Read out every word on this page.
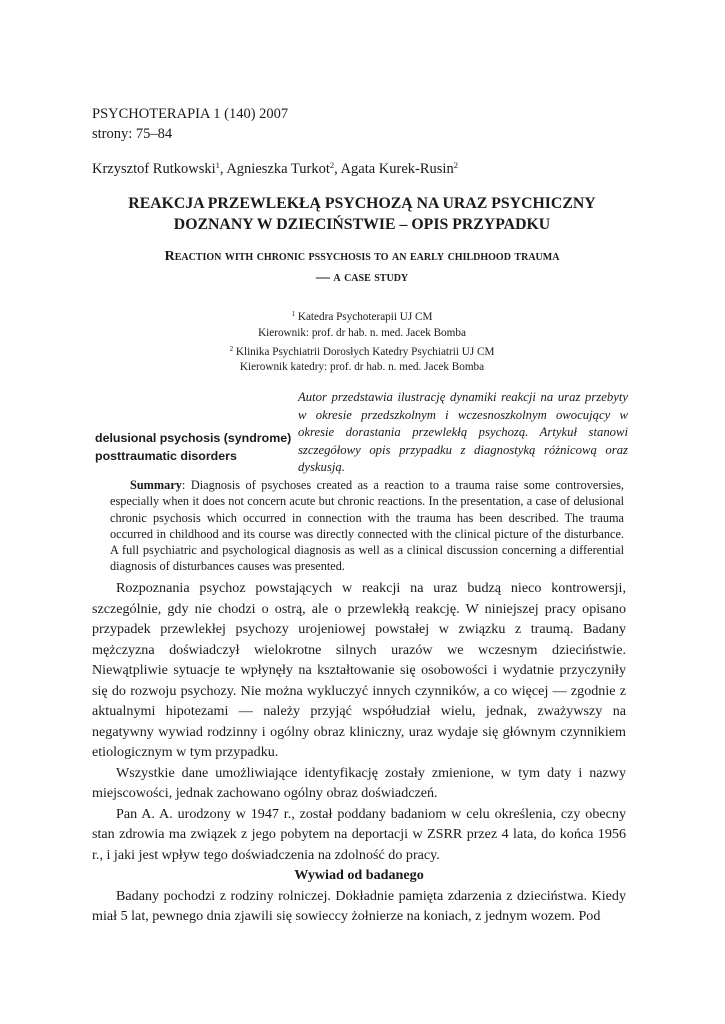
PSYCHOTERAPIA 1 (140) 2007
strony: 75–84
Krzysztof Rutkowski$^1$, Agnieszka Turkot$^2$, Agata Kurek-Rusin$^2$
REAKCJA PRZEWLEKŁĄ PSYCHOZĄ NA URAZ PSYCHICZNY
DOZNANY W DZIECIŃSTWIE – OPIS PRZYPADKU
Reaction with chronic pssychosis to an early childhood trauma
— a case study
$^1$ Katedra Psychoterapii UJ CM
Kierownik: prof. dr hab. n. med. Jacek Bomba
$^2$ Klinika Psychiatrii Dorosłych Katedry Psychiatrii UJ CM
Kierownik katedry: prof. dr hab. n. med. Jacek Bomba
Autor przedstawia ilustrację dynamiki reakcji na uraz przebyty w okresie przedszkolnym i wczesnoszkolnym owocujący w okresie dorastania przewlekłą psychozą. Artykuł stanowi szczegółowy opis przypadku z diagnostyką różnicową oraz dyskusją.
delusional psychosis (syndrome)
posttraumatic disorders
Summary: Diagnosis of psychoses created as a reaction to a trauma raise some controversies, especially when it does not concern acute but chronic reactions. In the presentation, a case of delusional chronic psychosis which occurred in connection with the trauma has been described. The trauma occurred in childhood and its course was directly connected with the clinical picture of the disturbance. A full psychiatric and psychological diagnosis as well as a clinical discussion concerning a differential diagnosis of disturbances causes was presented.

Rozpoznania psychoz powstających w reakcji na uraz budzą nieco kontrowersji, szczególnie, gdy nie chodzi o ostrą, ale o przewlekłą reakcję. W niniejszej pracy opisano przypadek przewlekłej psychozy urojeniowej powstałej w związku z traumą. Badany mężczyzna doświadczył wielokrotne silnych urazów we wczesnym dzieciństwie. Niewątpliwie sytuacje te wpłynęły na kształtowanie się osobowości i wydatnie przyczyniły się do rozwoju psychozy. Nie można wykluczyć innych czynników, a co więcej — zgodnie z aktualnymi hipotezami — należy przyjąć współudział wielu, jednak, zważywszy na negatywny wywiad rodzinny i ogólny obraz kliniczny, uraz wydaje się głównym czynnikiem etiologicznym w tym przypadku.

Wszystkie dane umożliwiające identyfikację zostały zmienione, w tym daty i nazwy miejscowości, jednak zachowano ogólny obraz doświadczeń.

Pan A. A. urodzony w 1947 r., został poddany badaniom w celu określenia, czy obecny stan zdrowia ma związek z jego pobytem na deportacji w ZSRR przez 4 lata, do końca 1956 r., i jaki jest wpływ tego doświadczenia na zdolność do pracy.

Wywiad od badanego

Badany pochodzi z rodziny rolniczej. Dokładnie pamięta zdarzenia z dzieciństwa. Kiedy miał 5 lat, pewnego dnia zjawili się sowieccy żołnierze na koniach, z jednym wozem. Pod
